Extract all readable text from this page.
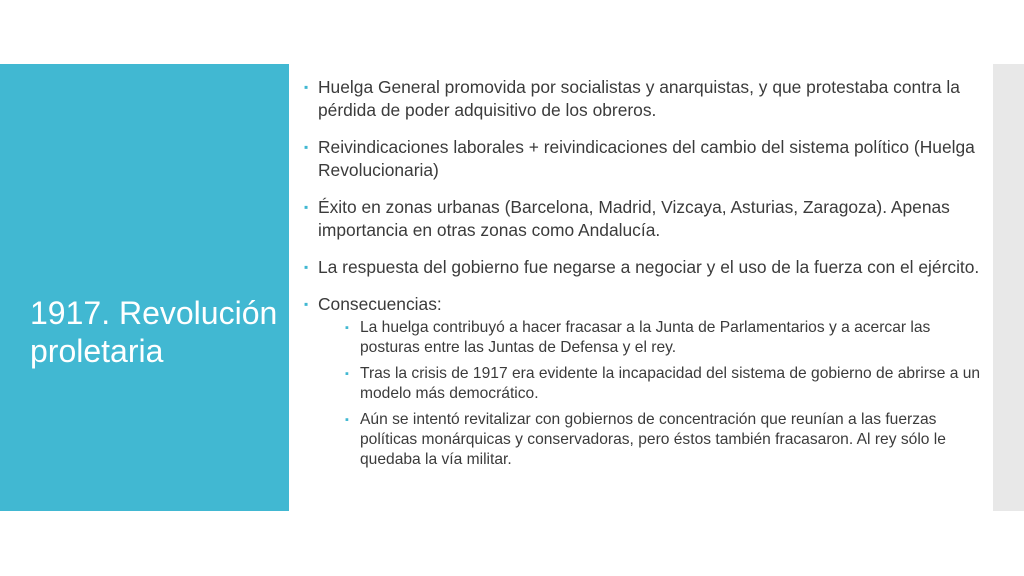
1917. Revolución proletaria
▪ Huelga General promovida por socialistas y anarquistas, y que protestaba contra la pérdida de poder adquisitivo de los obreros.
▪ Reivindicaciones laborales + reivindicaciones del cambio del sistema político (Huelga Revolucionaria)
▪ Éxito en zonas urbanas (Barcelona, Madrid, Vizcaya, Asturias, Zaragoza). Apenas importancia en otras zonas como Andalucía.
▪ La respuesta del gobierno fue negarse a negociar y el uso de la fuerza con el ejército.
▪ Consecuencias:
▪ La huelga contribuyó a hacer fracasar a la Junta de Parlamentarios y a acercar las posturas entre las Juntas de Defensa y el rey.
▪ Tras la crisis de 1917 era evidente la incapacidad del sistema de gobierno de abrirse a un modelo más democrático.
▪ Aún se intentó revitalizar con gobiernos de concentración que reunían a las fuerzas políticas monárquicas y conservadoras, pero éstos también fracasaron. Al rey sólo le quedaba la vía militar.
